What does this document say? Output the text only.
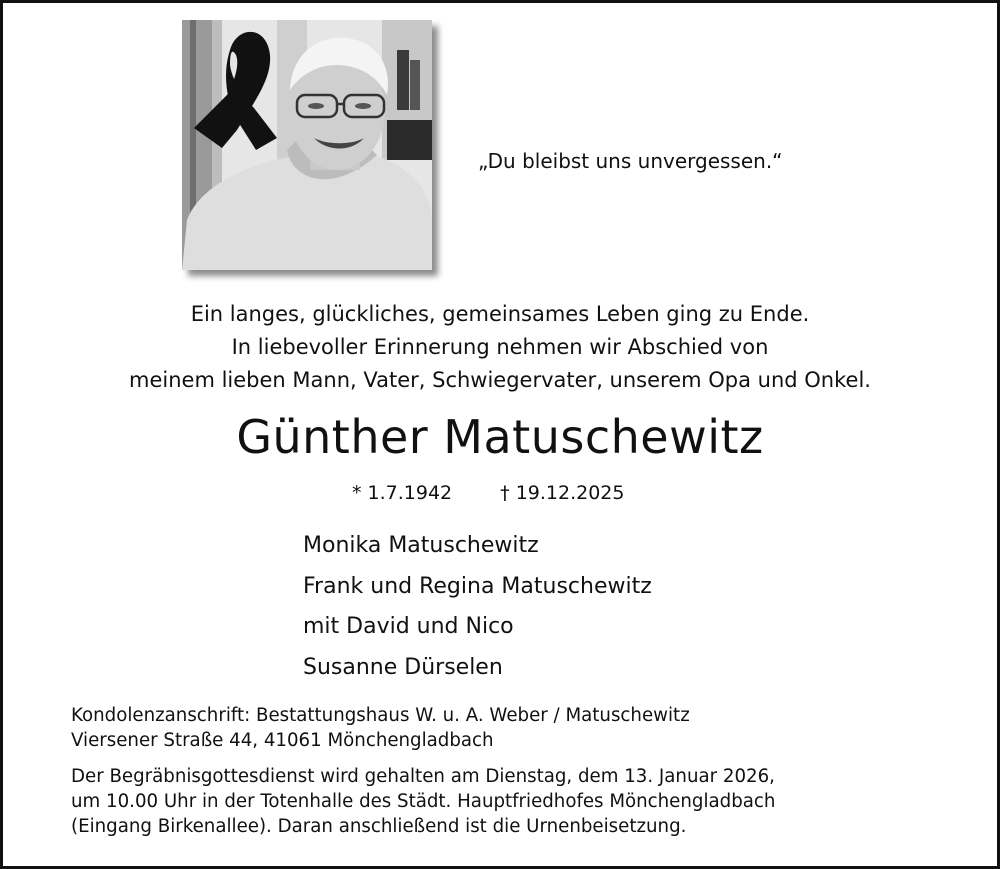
„Du bleibst uns unvergessen.“
Ein langes, glückliches, gemeinsames Leben ging zu Ende.
In liebevoller Erinnerung nehmen wir Abschied von
meinem lieben Mann, Vater, Schwiegervater, unserem Opa und Onkel.
Günther Matuschewitz
* 1.7.1942	† 19.12.2025
Monika Matuschewitz
Frank und Regina Matuschewitz
mit David und Nico
Susanne Dürselen
Kondolenzanschrift: Bestattungshaus W. u. A. Weber / Matuschewitz
Viersener Straße 44, 41061 Mönchengladbach
Der Begräbnisgottesdienst wird gehalten am Dienstag, dem 13. Januar 2026,
um 10.00 Uhr in der Totenhalle des Städt. Hauptfriedhofes Mönchengladbach
(Eingang Birkenallee). Daran anschließend ist die Urnenbeisetzung.
